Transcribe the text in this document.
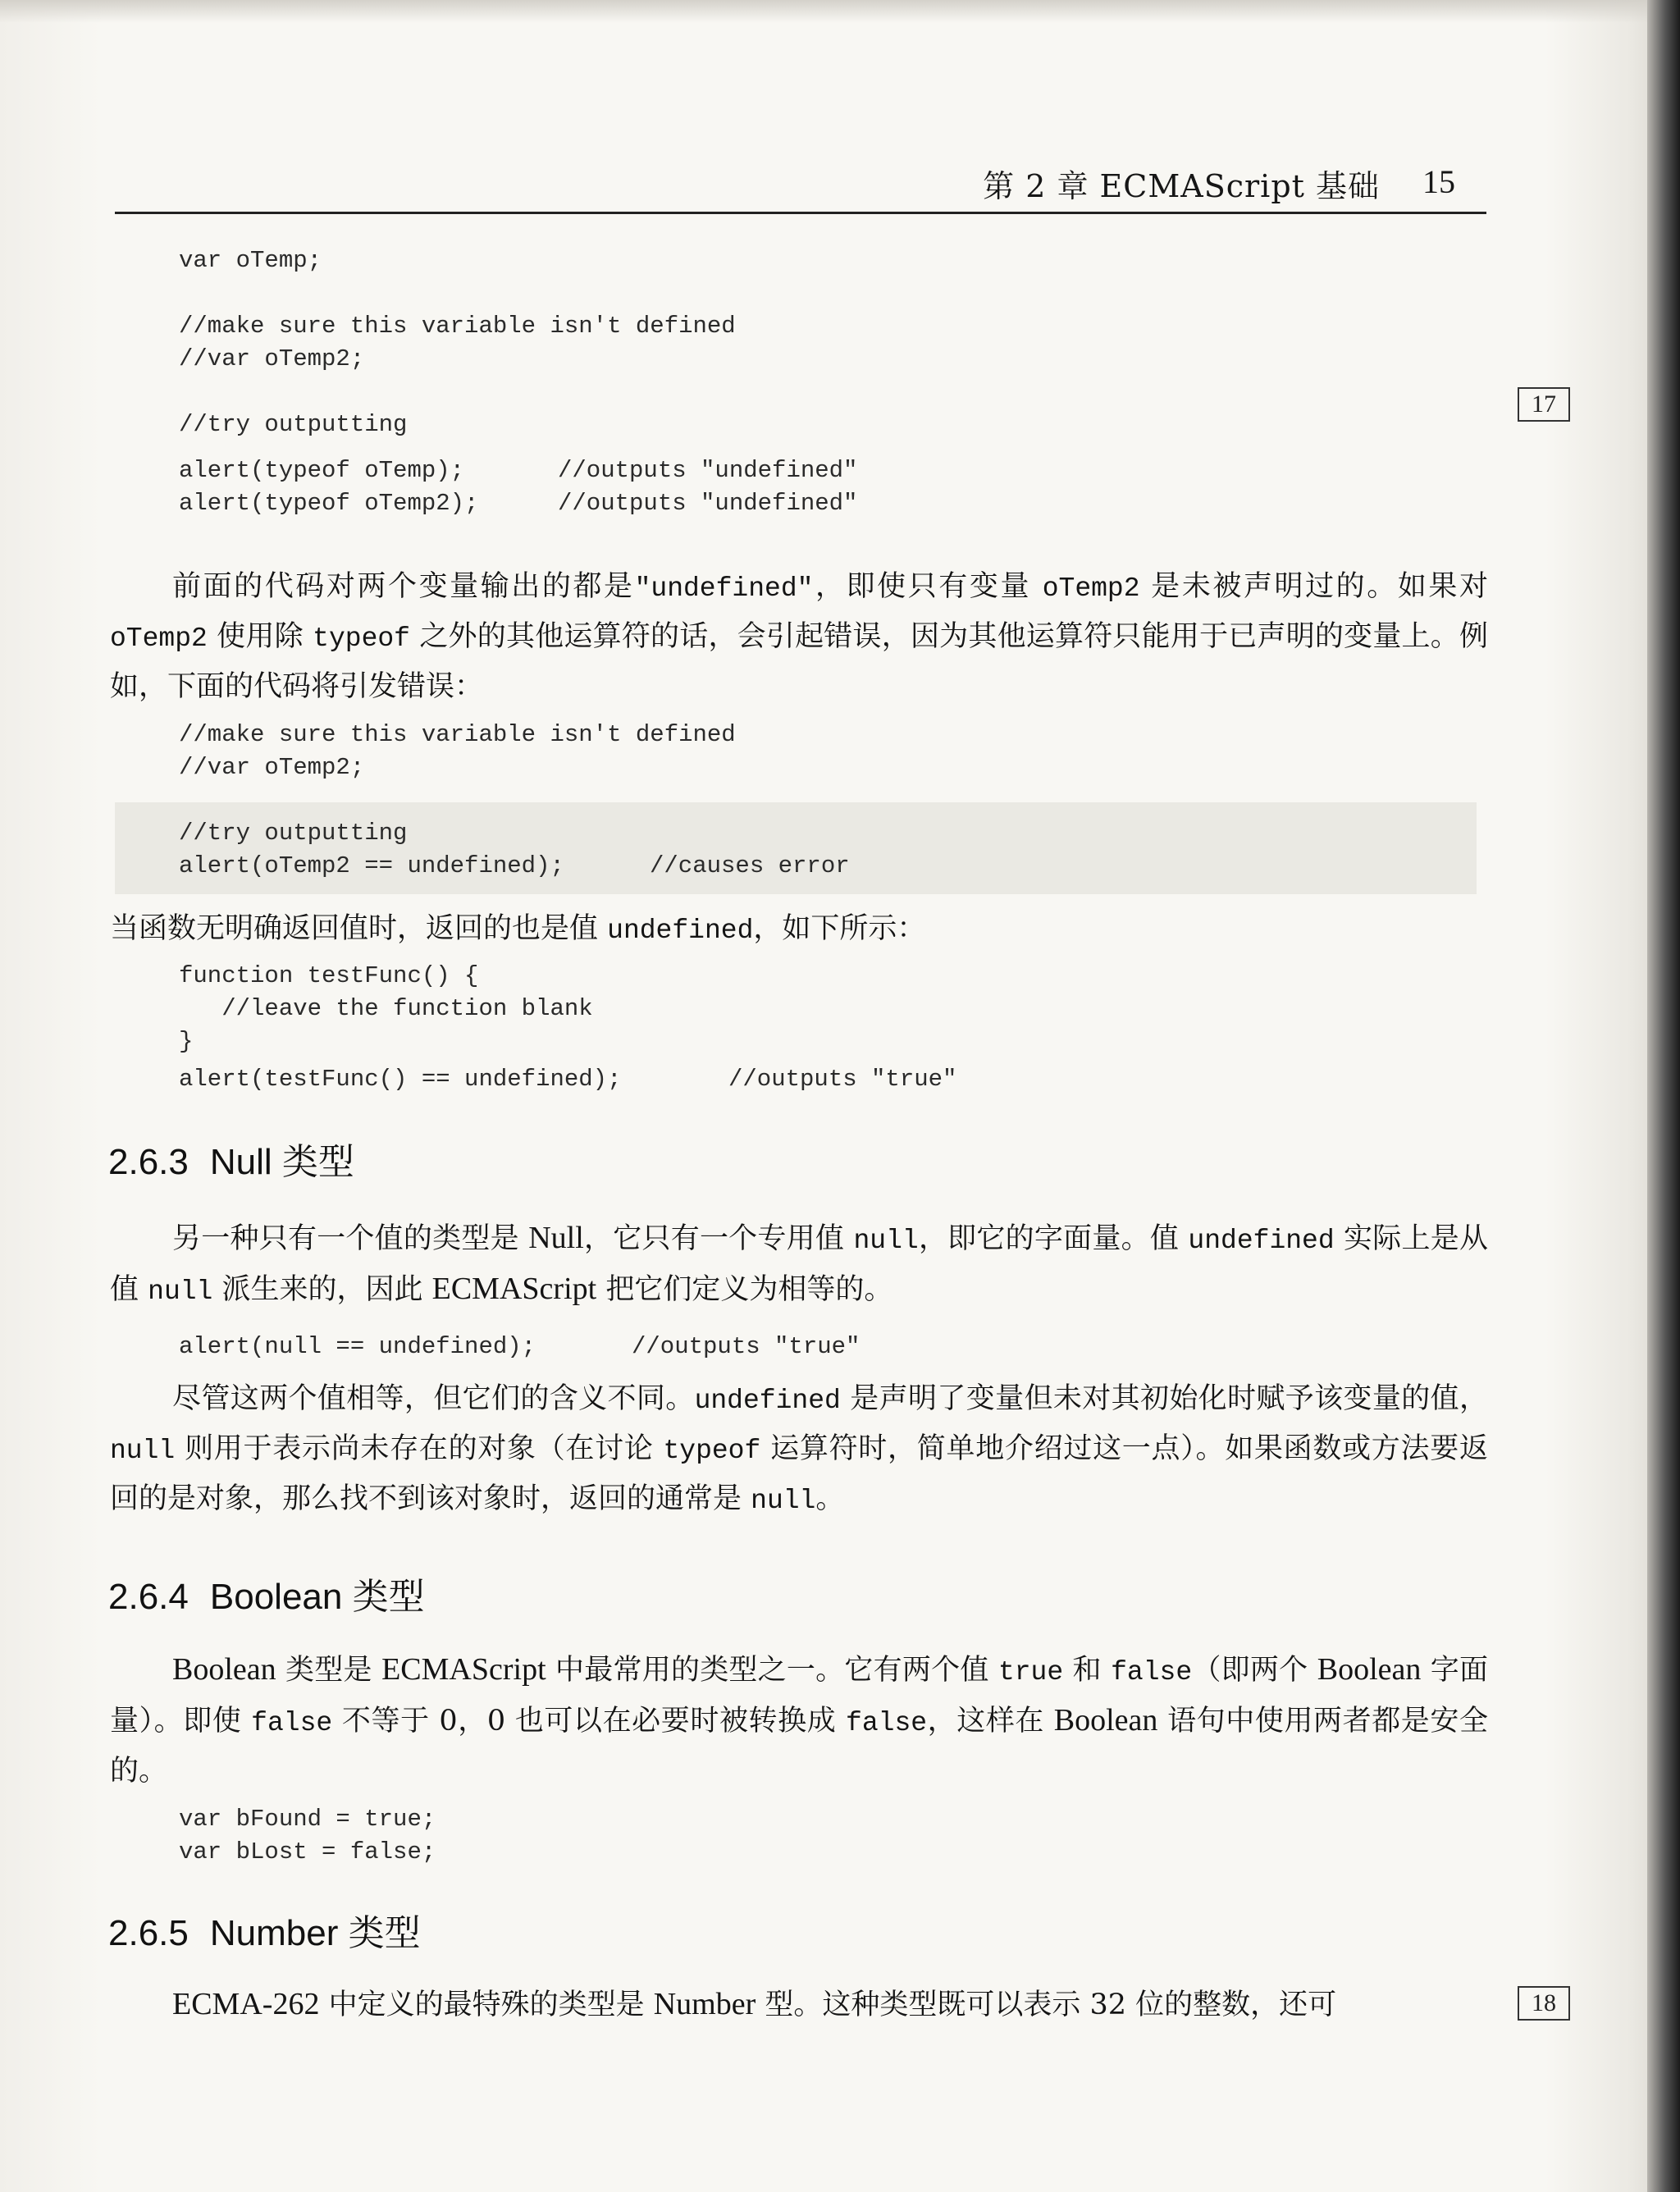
第 2 章 ECMAScript 基础 15
17
18
var oTemp;
//make sure this variable isn't defined
//var oTemp2;
//try outputting
alert(typeof oTemp);	//outputs "undefined"
alert(typeof oTemp2);	//outputs "undefined"
前面的代码对两个变量输出的都是"undefined"，即使只有变量 oTemp2 是未被声明过的。如果对 oTemp2 使用除 typeof 之外的其他运算符的话，会引起错误，因为其他运算符只能用于已声明的变量上。例如，下面的代码将引发错误：
//make sure this variable isn't defined
//var oTemp2;
//try outputting
alert(oTemp2 == undefined);	//causes error
当函数无明确返回值时，返回的也是值 undefined，如下所示：
function testFunc() {
//leave the function blank
}
alert(testFunc() == undefined);	//outputs "true"
2.6.3 Null 类型
另一种只有一个值的类型是 Null，它只有一个专用值 null，即它的字面量。值 undefined 实际上是从值 null 派生来的，因此 ECMAScript 把它们定义为相等的。
alert(null == undefined);	//outputs "true"
尽管这两个值相等，但它们的含义不同。undefined 是声明了变量但未对其初始化时赋予该变量的值，null 则用于表示尚未存在的对象（在讨论 typeof 运算符时，简单地介绍过这一点）。如果函数或方法要返回的是对象，那么找不到该对象时，返回的通常是 null。
2.6.4 Boolean 类型
Boolean 类型是 ECMAScript 中最常用的类型之一。它有两个值 true 和 false（即两个 Boolean 字面量）。即使 false 不等于 0，0 也可以在必要时被转换成 false，这样在 Boolean 语句中使用两者都是安全的。
var bFound = true;
var bLost = false;
2.6.5 Number 类型
ECMA-262 中定义的最特殊的类型是 Number 型。这种类型既可以表示 32 位的整数，还可
